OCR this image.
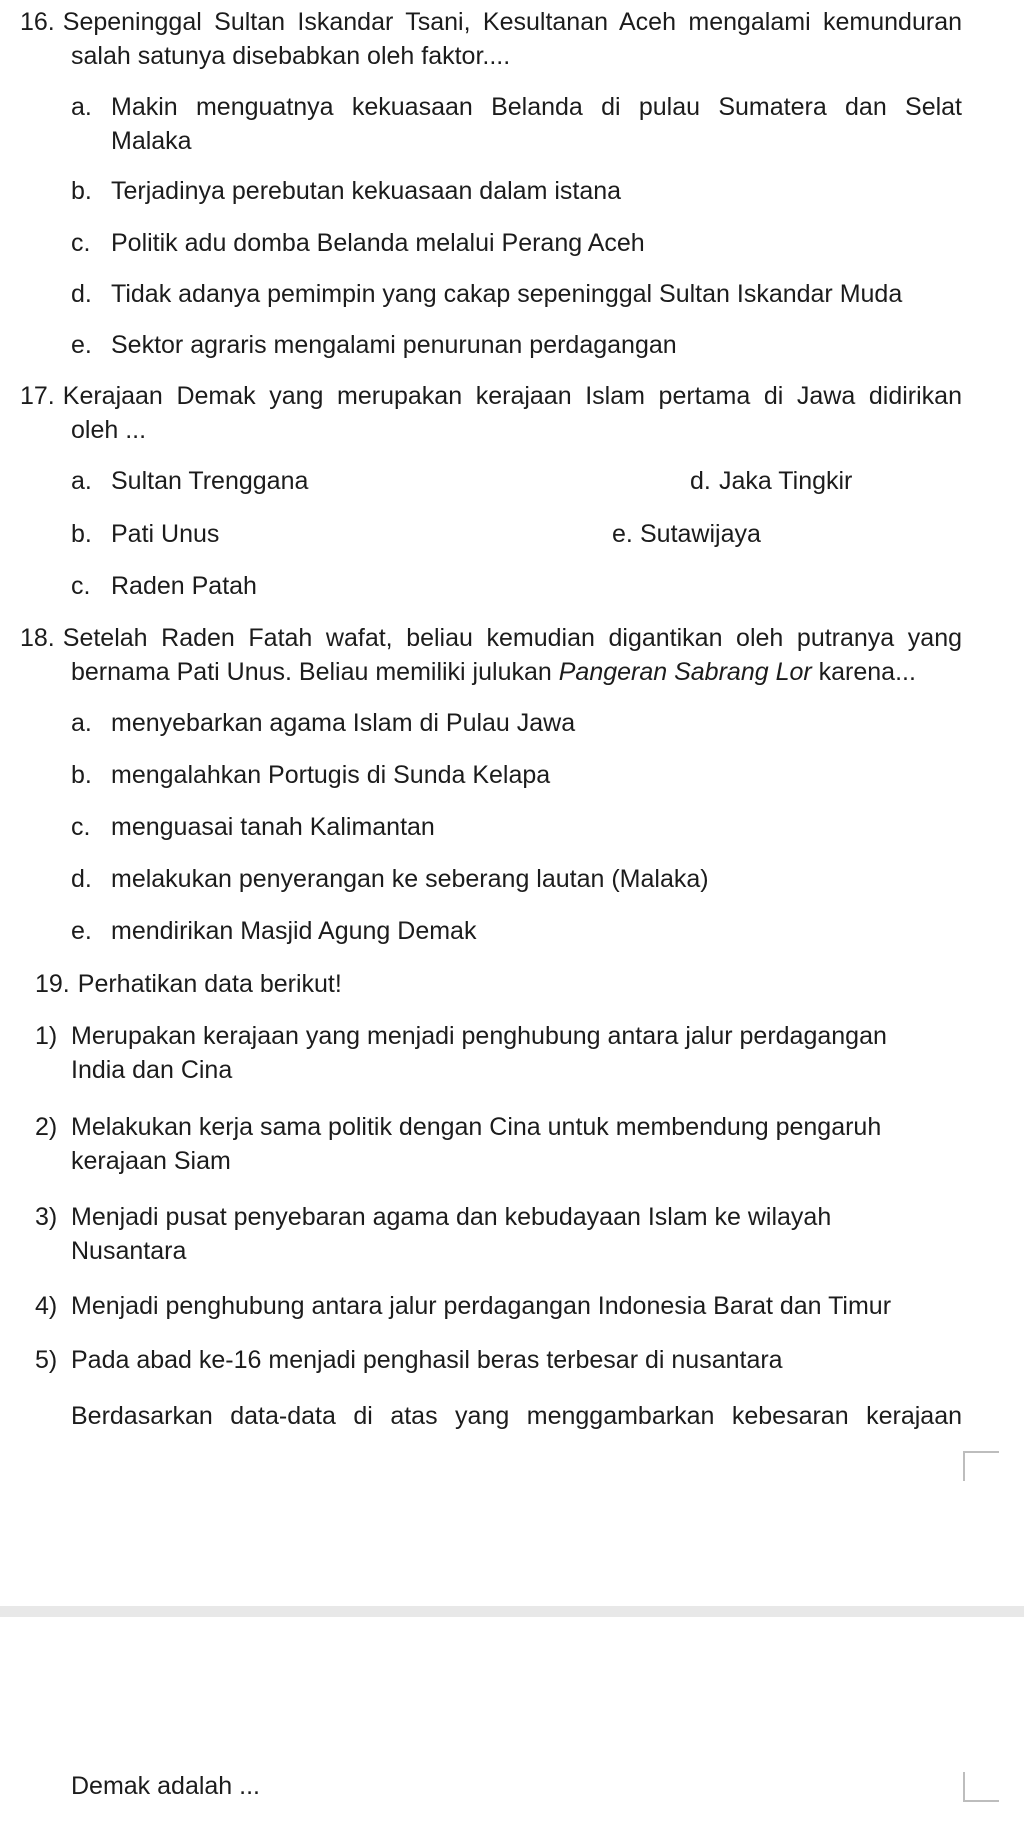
16. Sepeninggal Sultan Iskandar Tsani, Kesultanan Aceh mengalami kemunduran
salah satunya disebabkan oleh faktor....
a. Makin menguatnya kekuasaan Belanda di pulau Sumatera dan Selat
Malaka
b. Terjadinya perebutan kekuasaan dalam istana
c. Politik adu domba Belanda melalui Perang Aceh
d. Tidak adanya pemimpin yang cakap sepeninggal Sultan Iskandar Muda
e. Sektor agraris mengalami penurunan perdagangan
17. Kerajaan Demak yang merupakan kerajaan Islam pertama di Jawa didirikan
oleh ...
a. Sultan Trenggana
b. Pati Unus
c. Raden Patah
d. Jaka Tingkir
e. Sutawijaya
18. Setelah Raden Fatah wafat, beliau kemudian digantikan oleh putranya yang
bernama Pati Unus. Beliau memiliki julukan Pangeran Sabrang Lor karena...
a. menyebarkan agama Islam di Pulau Jawa
b. mengalahkan Portugis di Sunda Kelapa
c. menguasai tanah Kalimantan
d. melakukan penyerangan ke seberang lautan (Malaka)
e. mendirikan Masjid Agung Demak
19. Perhatikan data berikut!
1) Merupakan kerajaan yang menjadi penghubung antara jalur perdagangan
India dan Cina
2) Melakukan kerja sama politik dengan Cina untuk membendung pengaruh
kerajaan Siam
3) Menjadi pusat penyebaran agama dan kebudayaan Islam ke wilayah
Nusantara
4) Menjadi penghubung antara jalur perdagangan Indonesia Barat dan Timur
5) Pada abad ke-16 menjadi penghasil beras terbesar di nusantara
Berdasarkan data-data di atas yang menggambarkan kebesaran kerajaan
Demak adalah ...
